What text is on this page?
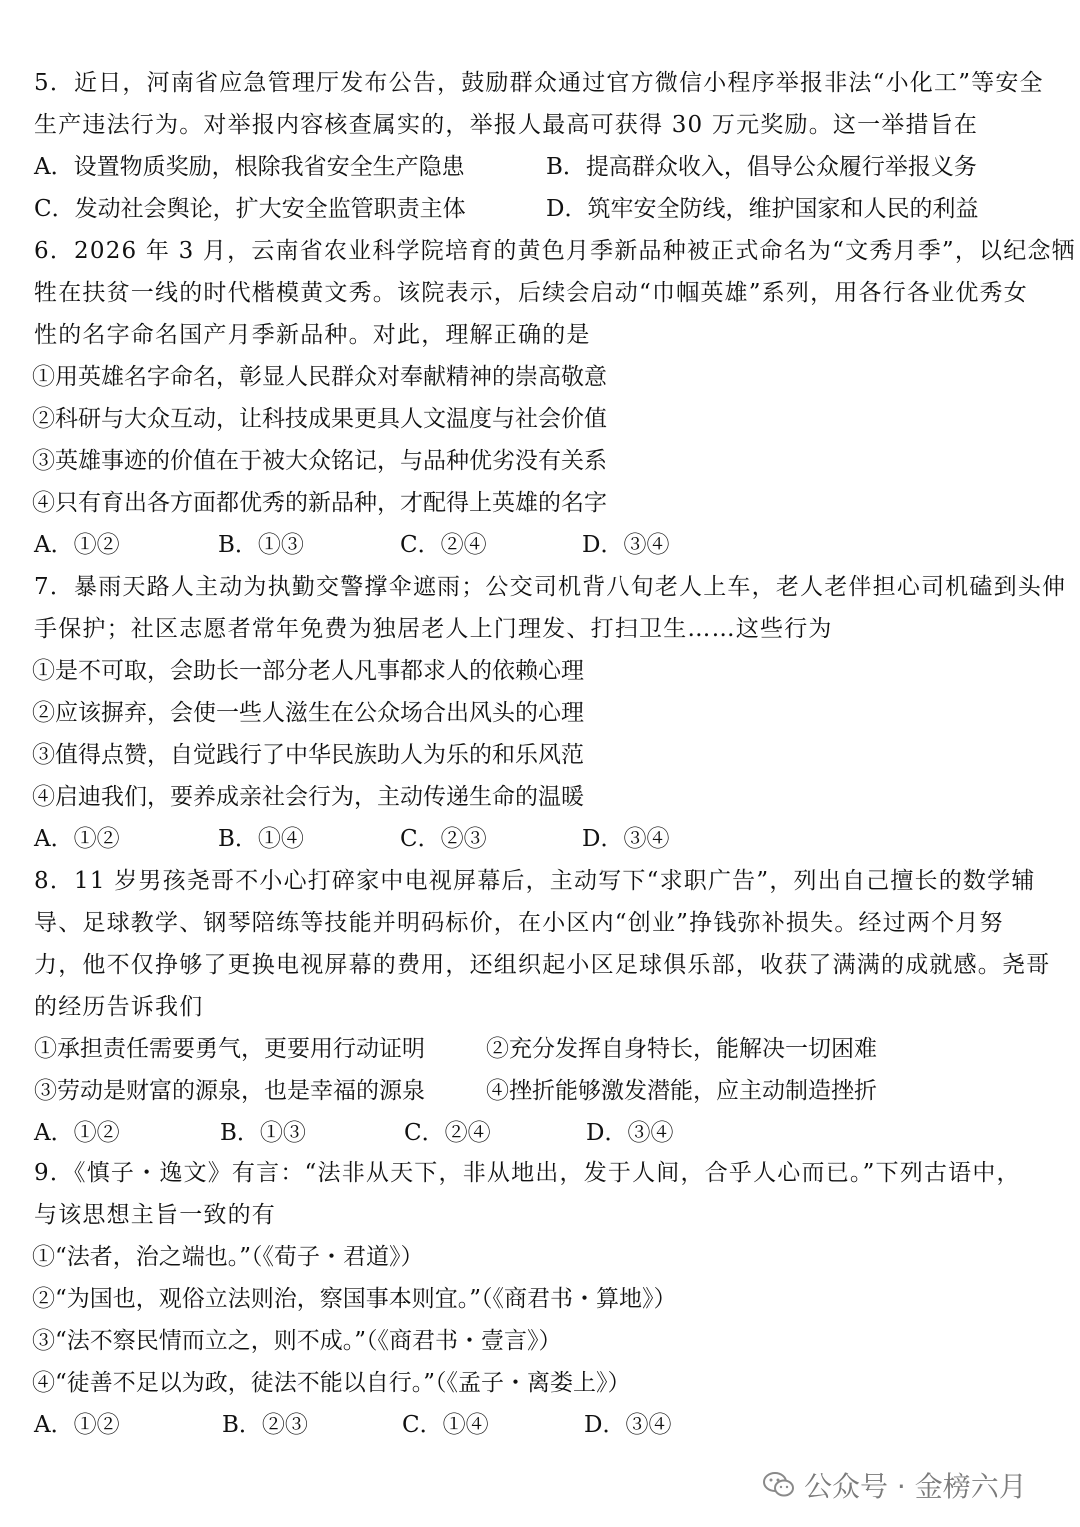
5．近日，河南省应急管理厅发布公告，鼓励群众通过官方微信小程序举报非法“小化工”等安全
生产违法行为。对举报内容核查属实的，举报人最高可获得 30 万元奖励。这一举措旨在
A．设置物质奖励，根除我省安全生产隐患	B．提高群众收入，倡导公众履行举报义务
C．发动社会舆论，扩大安全监管职责主体	D．筑牢安全防线，维护国家和人民的利益
6．2026 年 3 月，云南省农业科学院培育的黄色月季新品种被正式命名为“文秀月季”，以纪念牺
牲在扶贫一线的时代楷模黄文秀。该院表示，后续会启动“巾帼英雄”系列，用各行各业优秀女
性的名字命名国产月季新品种。对此，理解正确的是
①用英雄名字命名，彰显人民群众对奉献精神的崇高敬意
②科研与大众互动，让科技成果更具人文温度与社会价值
③英雄事迹的价值在于被大众铭记，与品种优劣没有关系
④只有育出各方面都优秀的新品种，才配得上英雄的名字
A．①②	B．①③	C．②④	D．③④
7．暴雨天路人主动为执勤交警撑伞遮雨；公交司机背八旬老人上车，老人老伴担心司机磕到头伸
手保护；社区志愿者常年免费为独居老人上门理发、打扫卫生……这些行为
①是不可取，会助长一部分老人凡事都求人的依赖心理
②应该摒弃，会使一些人滋生在公众场合出风头的心理
③值得点赞，自觉践行了中华民族助人为乐的和乐风范
④启迪我们，要养成亲社会行为，主动传递生命的温暖
A．①②	B．①④	C．②③	D．③④
8．11 岁男孩尧哥不小心打碎家中电视屏幕后，主动写下“求职广告”，列出自己擅长的数学辅
导、足球教学、钢琴陪练等技能并明码标价，在小区内“创业”挣钱弥补损失。经过两个月努
力，他不仅挣够了更换电视屏幕的费用，还组织起小区足球俱乐部，收获了满满的成就感。尧哥
的经历告诉我们
①承担责任需要勇气，更要用行动证明	②充分发挥自身特长，能解决一切困难
③劳动是财富的源泉，也是幸福的源泉	④挫折能够激发潜能，应主动制造挫折
A．①②	B．①③	C．②④	D．③④
9．《慎子・逸文》有言：“法非从天下，非从地出，发于人间，合乎人心而已。”下列古语中，
与该思想主旨一致的有
①“法者，治之端也。”（《荀子・君道》）
②“为国也，观俗立法则治，察国事本则宜。”（《商君书・算地》）
③“法不察民情而立之，则不成。”（《商君书・壹言》）
④“徒善不足以为政，徒法不能以自行。”（《孟子・离娄上》）
A．①②	B．②③	C．①④	D．③④
公众号 · 金榜六月
